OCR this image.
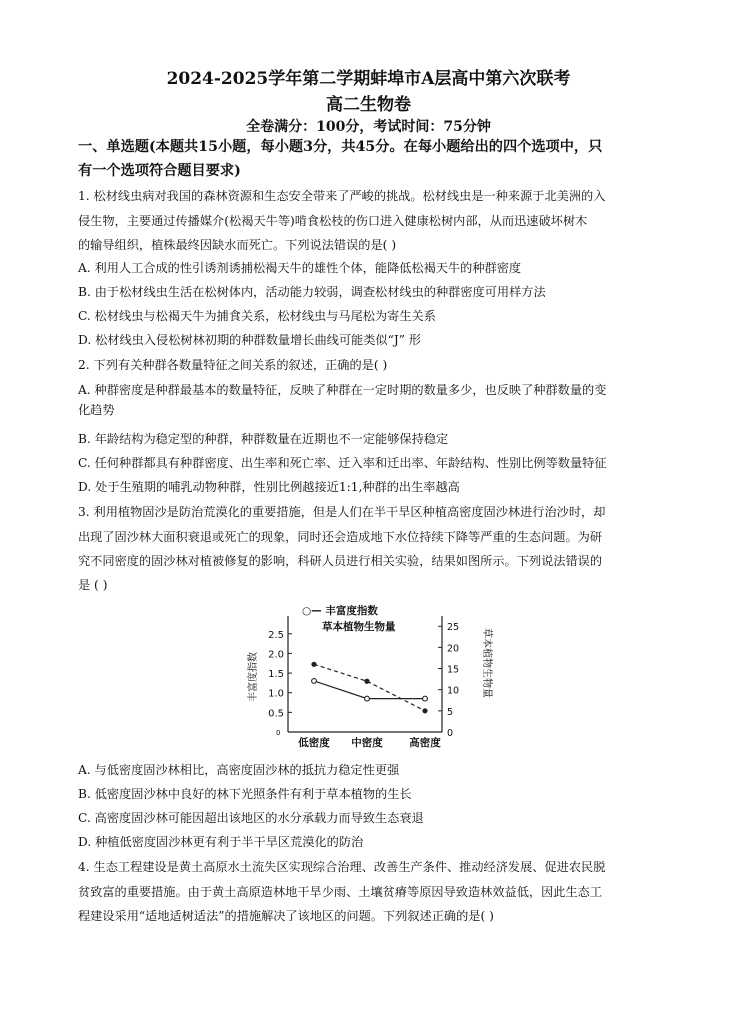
2024-2025学年第二学期蚌埠市A层高中第六次联考
高二生物卷
全卷满分：100分，考试时间：75分钟
一、单选题(本题共15小题，每小题3分，共45分。在每小题给出的四个选项中，只
有一个选项符合题目要求)
1. 松材线虫病对我国的森林资源和生态安全带来了严峻的挑战。松材线虫是一种来源于北美洲的入
侵生物，主要通过传播媒介(松褐天牛等)啃食松枝的伤口进入健康松树内部，从而迅速破坏树木
的输导组织，植株最终因缺水而死亡。下列说法错误的是( )
A. 利用人工合成的性引诱剂诱捕松褐天牛的雄性个体，能降低松褐天牛的种群密度
B. 由于松材线虫生活在松树体内，活动能力较弱，调查松材线虫的种群密度可用样方法
C. 松材线虫与松褐天牛为捕食关系，松材线虫与马尾松为寄生关系
D. 松材线虫入侵松树林初期的种群数量增长曲线可能类似“J” 形
2. 下列有关种群各数量特征之间关系的叙述，正确的是( )
A. 种群密度是种群最基本的数量特征，反映了种群在一定时期的数量多少，也反映了种群数量的变
化趋势
B. 年龄结构为稳定型的种群，种群数量在近期也不一定能够保持稳定
C. 任何种群都具有种群密度、出生率和死亡率、迁入率和迁出率、年龄结构、性别比例等数量特征
D. 处于生殖期的哺乳动物种群，性别比例越接近1:1,种群的出生率越高
3. 利用植物固沙是防治荒漠化的重要措施，但是人们在半干旱区种植高密度固沙林进行治沙时，却
出现了固沙林大面积衰退或死亡的现象，同时还会造成地下水位持续下降等严重的生态问题。为研
究不同密度的固沙林对植被修复的影响，科研人员进行相关实验，结果如图所示。下列说法错误的
是 ( )
2.5
2.0
1.5
1.0
0.5
25
20
15
10
5
0
0
低密度 中密度	高密度
丰富度指数	草本植物生物量
○— 丰富度指数
草本植物生物量
A. 与低密度固沙林相比，高密度固沙林的抵抗力稳定性更强
B. 低密度固沙林中良好的林下光照条件有利于草本植物的生长
C. 高密度固沙林可能因超出该地区的水分承载力而导致生态衰退
D. 种植低密度固沙林更有利于半干旱区荒漠化的防治
4. 生态工程建设是黄土高原水土流失区实现综合治理、改善生产条件、推动经济发展、促进农民脱
贫致富的重要措施。由于黄土高原造林地干旱少雨、土壤贫瘠等原因导致造林效益低，因此生态工
程建设采用“适地适树适法”的措施解决了该地区的问题。下列叙述正确的是( )
